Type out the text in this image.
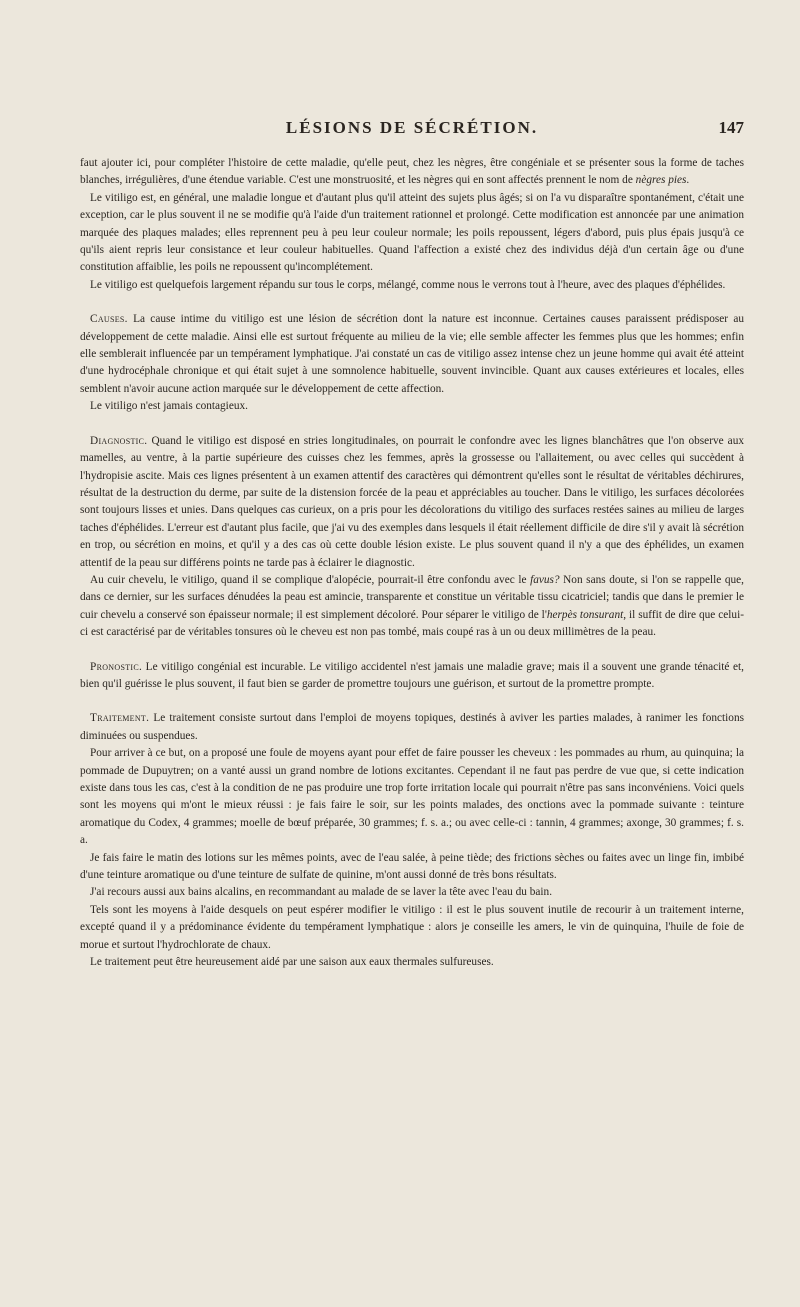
LÉSIONS DE SÉCRÉTION.	147

faut ajouter ici, pour compléter l'histoire de cette maladie, qu'elle peut, chez les nègres, être congéniale et se présenter sous la forme de taches blanches, irrégulières, d'une étendue variable. C'est une monstruosité, et les nègres qui en sont affectés prennent le nom de nègres pies.

Le vitiligo est, en général, une maladie longue et d'autant plus qu'il atteint des sujets plus âgés; si on l'a vu disparaître spontanément, c'était une exception, car le plus souvent il ne se modifie qu'à l'aide d'un traitement rationnel et prolongé. Cette modification est annoncée par une animation marquée des plaques malades; elles reprennent peu à peu leur couleur normale; les poils repoussent, légers d'abord, puis plus épais jusqu'à ce qu'ils aient repris leur consistance et leur couleur habituelles. Quand l'affection a existé chez des individus déjà d'un certain âge ou d'une constitution affaiblie, les poils ne repoussent qu'incomplétement.

Le vitiligo est quelquefois largement répandu sur tous le corps, mélangé, comme nous le verrons tout à l'heure, avec des plaques d'éphélides.

Causes. La cause intime du vitiligo est une lésion de sécrétion dont la nature est inconnue. Certaines causes paraissent prédisposer au développement de cette maladie. Ainsi elle est surtout fréquente au milieu de la vie; elle semble affecter les femmes plus que les hommes; enfin elle semblerait influencée par un tempérament lymphatique. J'ai constaté un cas de vitiligo assez intense chez un jeune homme qui avait été atteint d'une hydrocéphale chronique et qui était sujet à une somnolence habituelle, souvent invincible. Quant aux causes extérieures et locales, elles semblent n'avoir aucune action marquée sur le développement de cette affection.

Le vitiligo n'est jamais contagieux.

Diagnostic. Quand le vitiligo est disposé en stries longitudinales, on pourrait le confondre avec les lignes blanchâtres que l'on observe aux mamelles, au ventre, à la partie supérieure des cuisses chez les femmes, après la grossesse ou l'allaitement, ou avec celles qui succèdent à l'hydropisie ascite. Mais ces lignes présentent à un examen attentif des caractères qui démontrent qu'elles sont le résultat de véritables déchirures, résultat de la destruction du derme, par suite de la distension forcée de la peau et appréciables au toucher. Dans le vitiligo, les surfaces décolorées sont toujours lisses et unies. Dans quelques cas curieux, on a pris pour les décolorations du vitiligo des surfaces restées saines au milieu de larges taches d'éphélides. L'erreur est d'autant plus facile, que j'ai vu des exemples dans lesquels il était réellement difficile de dire s'il y avait là sécrétion en trop, ou sécrétion en moins, et qu'il y a des cas où cette double lésion existe. Le plus souvent quand il n'y a que des éphélides, un examen attentif de la peau sur différens points ne tarde pas à éclairer le diagnostic.

Au cuir chevelu, le vitiligo, quand il se complique d'alopécie, pourrait-il être confondu avec le favus? Non sans doute, si l'on se rappelle que, dans ce dernier, sur les surfaces dénudées la peau est amincie, transparente et constitue un véritable tissu cicatriciel; tandis que dans le premier le cuir chevelu a conservé son épaisseur normale; il est simplement décoloré. Pour séparer le vitiligo de l'herpès tonsurant, il suffit de dire que celui-ci est caractérisé par de véritables tonsures où le cheveu est non pas tombé, mais coupé ras à un ou deux millimètres de la peau.

Pronostic. Le vitiligo congénial est incurable. Le vitiligo accidentel n'est jamais une maladie grave; mais il a souvent une grande ténacité et, bien qu'il guérisse le plus souvent, il faut bien se garder de promettre toujours une guérison, et surtout de la promettre prompte.

Traitement. Le traitement consiste surtout dans l'emploi de moyens topiques, destinés à aviver les parties malades, à ranimer les fonctions diminuées ou suspendues.

Pour arriver à ce but, on a proposé une foule de moyens ayant pour effet de faire pousser les cheveux : les pommades au rhum, au quinquina; la pommade de Dupuytren; on a vanté aussi un grand nombre de lotions excitantes. Cependant il ne faut pas perdre de vue que, si cette indication existe dans tous les cas, c'est à la condition de ne pas produire une trop forte irritation locale qui pourrait n'être pas sans inconvéniens. Voici quels sont les moyens qui m'ont le mieux réussi : je fais faire le soir, sur les points malades, des onctions avec la pommade suivante : teinture aromatique du Codex, 4 grammes; moelle de bœuf préparée, 30 grammes; f. s. a.; ou avec celle-ci : tannin, 4 grammes; axonge, 30 grammes; f. s. a.

Je fais faire le matin des lotions sur les mêmes points, avec de l'eau salée, à peine tiède; des frictions sèches ou faites avec un linge fin, imbibé d'une teinture aromatique ou d'une teinture de sulfate de quinine, m'ont aussi donné de très bons résultats.

J'ai recours aussi aux bains alcalins, en recommandant au malade de se laver la tête avec l'eau du bain.

Tels sont les moyens à l'aide desquels on peut espérer modifier le vitiligo : il est le plus souvent inutile de recourir à un traitement interne, excepté quand il y a prédominance évidente du tempérament lymphatique : alors je conseille les amers, le vin de quinquina, l'huile de foie de morue et surtout l'hydrochlorate de chaux.

Le traitement peut être heureusement aidé par une saison aux eaux thermales sulfureuses.
